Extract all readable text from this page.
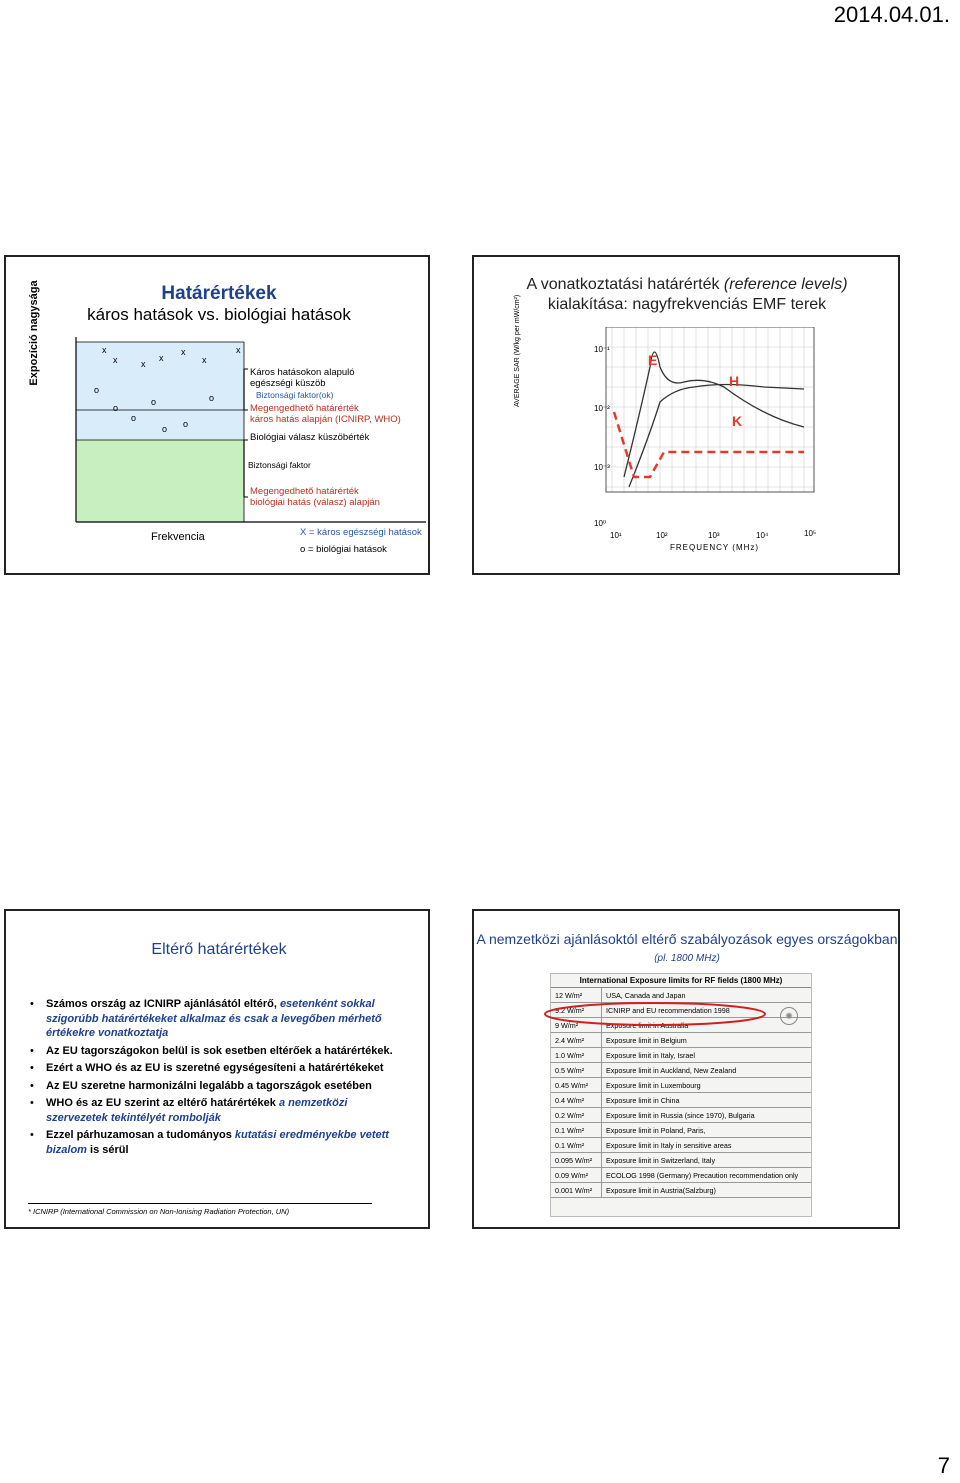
2014.04.01.
Határértékek
káros hatások vs. biológiai hatások
Expozíció nagysága	x
x	x
x
x
x
x
o
o
o
o
o o
o
Káros hatásokon alapuló egészségi küszöb
Biztonsági faktor(ok)
Megengedhető határérték
káros hatás alapján (ICNIRP, WHO)
Biológiai válasz küszöbérték
Biztonsági faktor
Megengedhető határérték
biológiai hatás (válasz) alapján
Frekvencia	X = káros egészségi hatások
o = biológiai hatások
A vonatkoztatási határérték (reference levels)
kialakítása: nagyfrekvenciás EMF terek
E
H
K
AVERAGE SAR (W/kg per mW/cm²)	10⁻¹
10⁻²
10⁻³
10⁰
10¹	10²	10³	10⁴	10⁵
FREQUENCY (MHz)
Eltérő határértékek
• Számos ország az ICNIRP ajánlásától eltérő, esetenként sokkal szigorúbb határértékeket alkalmaz és csak a levegőben mérhető értékekre vonatkoztatja
• Az EU tagországokon belül is sok esetben eltérőek a határértékek.
• Ezért a WHO és az EU is szeretné egységesíteni a határértékeket
• Az EU szeretne harmonizálni legalább a tagországok esetében
• WHO és az EU szerint az eltérő határértékek a nemzetközi szervezetek tekintélyét rombolják
• Ezzel párhuzamosan a tudományos kutatási eredményekbe vetett bizalom is sérül
* ICNIRP (International Commission on Non-Ionising Radiation Protection, UN)
A nemzetközi ajánlásoktól eltérő szabályozások egyes országokban (pl. 1800 MHz)
International Exposure limits for RF fields (1800 MHz)
12 W/m²	USA, Canada and Japan
9.2 W/m²	ICNIRP and EU recommendation 1998
9 W/m²	Exposure limit in Australia
2.4 W/m²	Exposure limit in Belgium
1.0 W/m²	Exposure limit in Italy, Israel
0.5 W/m²	Exposure limit in Auckland, New Zealand
0.45 W/m²	Exposure limit in Luxembourg
0.4 W/m²	Exposure limit in China
0.2 W/m²	Exposure limit in Russia (since 1970), Bulgaria
0.1 W/m²	Exposure limit in Poland, Paris,
0.1 W/m²	Exposure limit in Italy in sensitive areas
0.095 W/m²	Exposure limit in Switzerland, Italy
0.09 W/m²	ECOLOG 1998 (Germany) Precaution recommendation only
0.001 W/m²	Exposure limit in Austria(Salzburg)
✺
7
